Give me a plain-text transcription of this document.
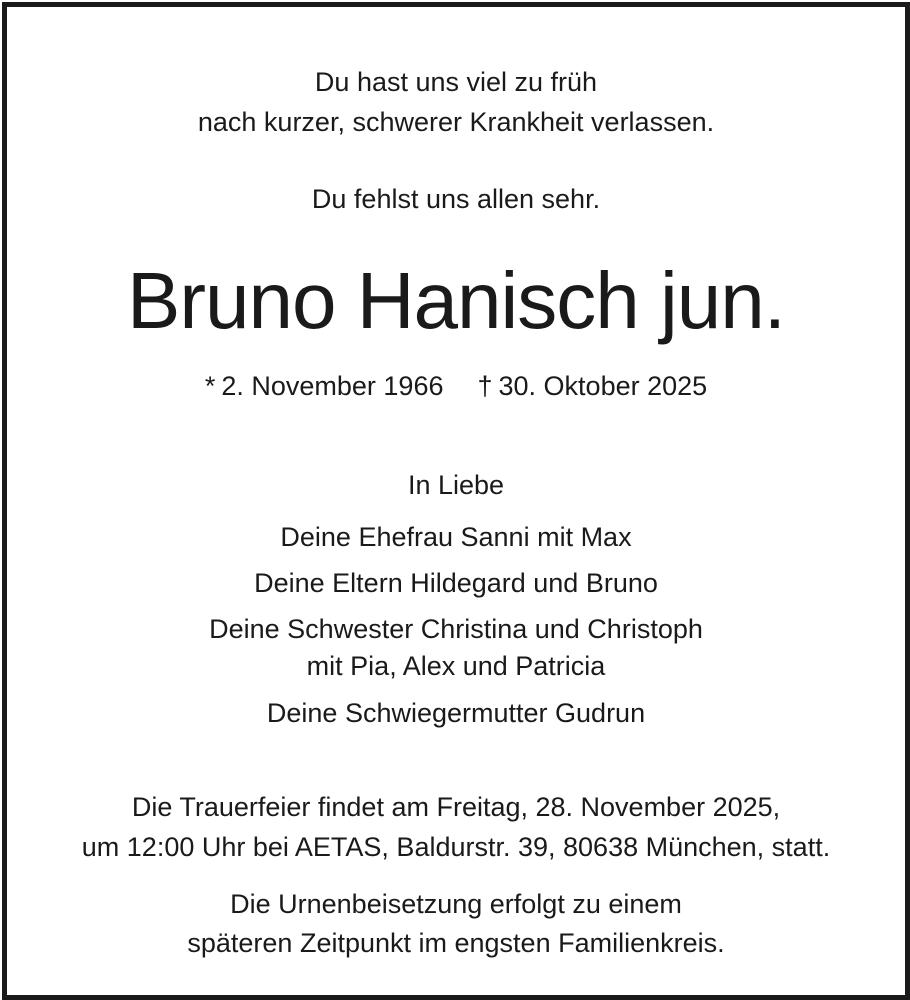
Du hast uns viel zu früh
nach kurzer, schwerer Krankheit verlassen.
Du fehlst uns allen sehr.
Bruno Hanisch jun.
* 2. November 1966 † 30. Oktober 2025
In Liebe
Deine Ehefrau Sanni mit Max
Deine Eltern Hildegard und Bruno
Deine Schwester Christina und Christoph
mit Pia, Alex und Patricia
Deine Schwiegermutter Gudrun
Die Trauerfeier findet am Freitag, 28. November 2025,
um 12:00 Uhr bei AETAS, Baldurstr. 39, 80638 München, statt.
Die Urnenbeisetzung erfolgt zu einem
späteren Zeitpunkt im engsten Familienkreis.
